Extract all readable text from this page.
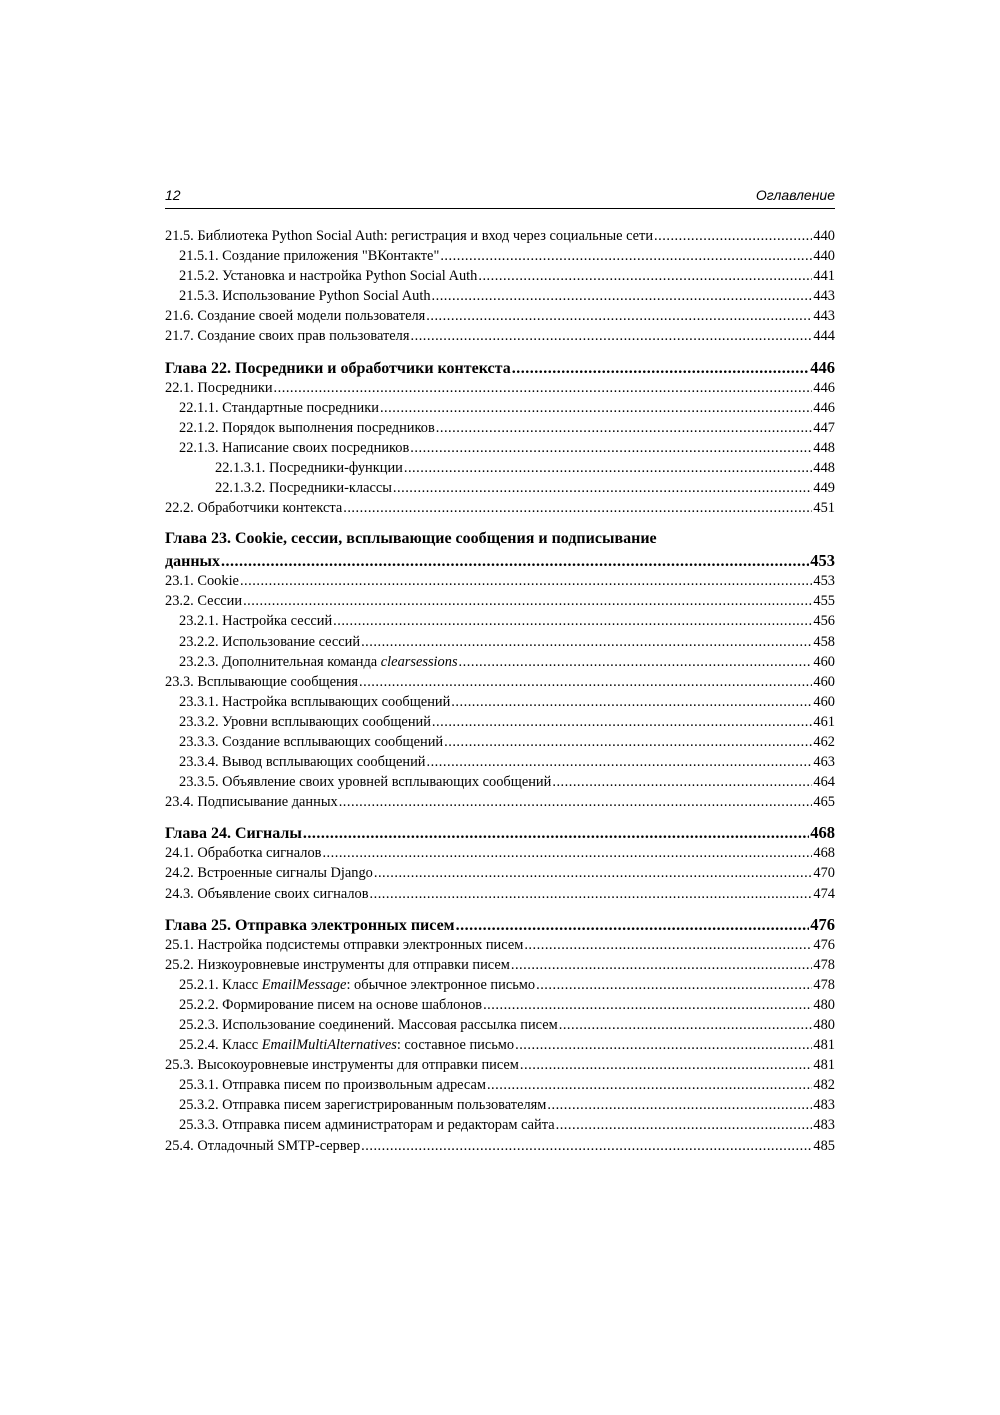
12	Оглавление
21.5. Библиотека Python Social Auth: регистрация и вход через социальные сети .....	440
21.5.1. Создание приложения "ВКонтакте" .....	440
21.5.2. Установка и настройка Python Social Auth .....	441
21.5.3. Использование Python Social Auth .....	443
21.6. Создание своей модели пользователя .....	443
21.7. Создание своих прав пользователя .....	444
Глава 22. Посредники и обработчики контекста .....	446
22.1. Посредники .....	446
22.1.1. Стандартные посредники .....	446
22.1.2. Порядок выполнения посредников .....	447
22.1.3. Написание своих посредников .....	448
22.1.3.1. Посредники-функции .....	448
22.1.3.2. Посредники-классы .....	449
22.2. Обработчики контекста .....	451
Глава 23. Cookie, сессии, всплывающие сообщения и подписывание
данных .....	453
23.1. Cookie .....	453
23.2. Сессии .....	455
23.2.1. Настройка сессий .....	456
23.2.2. Использование сессий .....	458
23.2.3. Дополнительная команда clearsessions .....	460
23.3. Всплывающие сообщения .....	460
23.3.1. Настройка всплывающих сообщений .....	460
23.3.2. Уровни всплывающих сообщений .....	461
23.3.3. Создание всплывающих сообщений .....	462
23.3.4. Вывод всплывающих сообщений .....	463
23.3.5. Объявление своих уровней всплывающих сообщений .....	464
23.4. Подписывание данных .....	465
Глава 24. Сигналы .....	468
24.1. Обработка сигналов .....	468
24.2. Встроенные сигналы Django .....	470
24.3. Объявление своих сигналов .....	474
Глава 25. Отправка электронных писем .....	476
25.1. Настройка подсистемы отправки электронных писем .....	476
25.2. Низкоуровневые инструменты для отправки писем .....	478
25.2.1. Класс EmailMessage: обычное электронное письмо .....	478
25.2.2. Формирование писем на основе шаблонов .....	480
25.2.3. Использование соединений. Массовая рассылка писем .....	480
25.2.4. Класс EmailMultiAlternatives: составное письмо .....	481
25.3. Высокоуровневые инструменты для отправки писем .....	481
25.3.1. Отправка писем по произвольным адресам .....	482
25.3.2. Отправка писем зарегистрированным пользователям .....	483
25.3.3. Отправка писем администраторам и редакторам сайта .....	483
25.4. Отладочный SMTP-сервер .....	485
